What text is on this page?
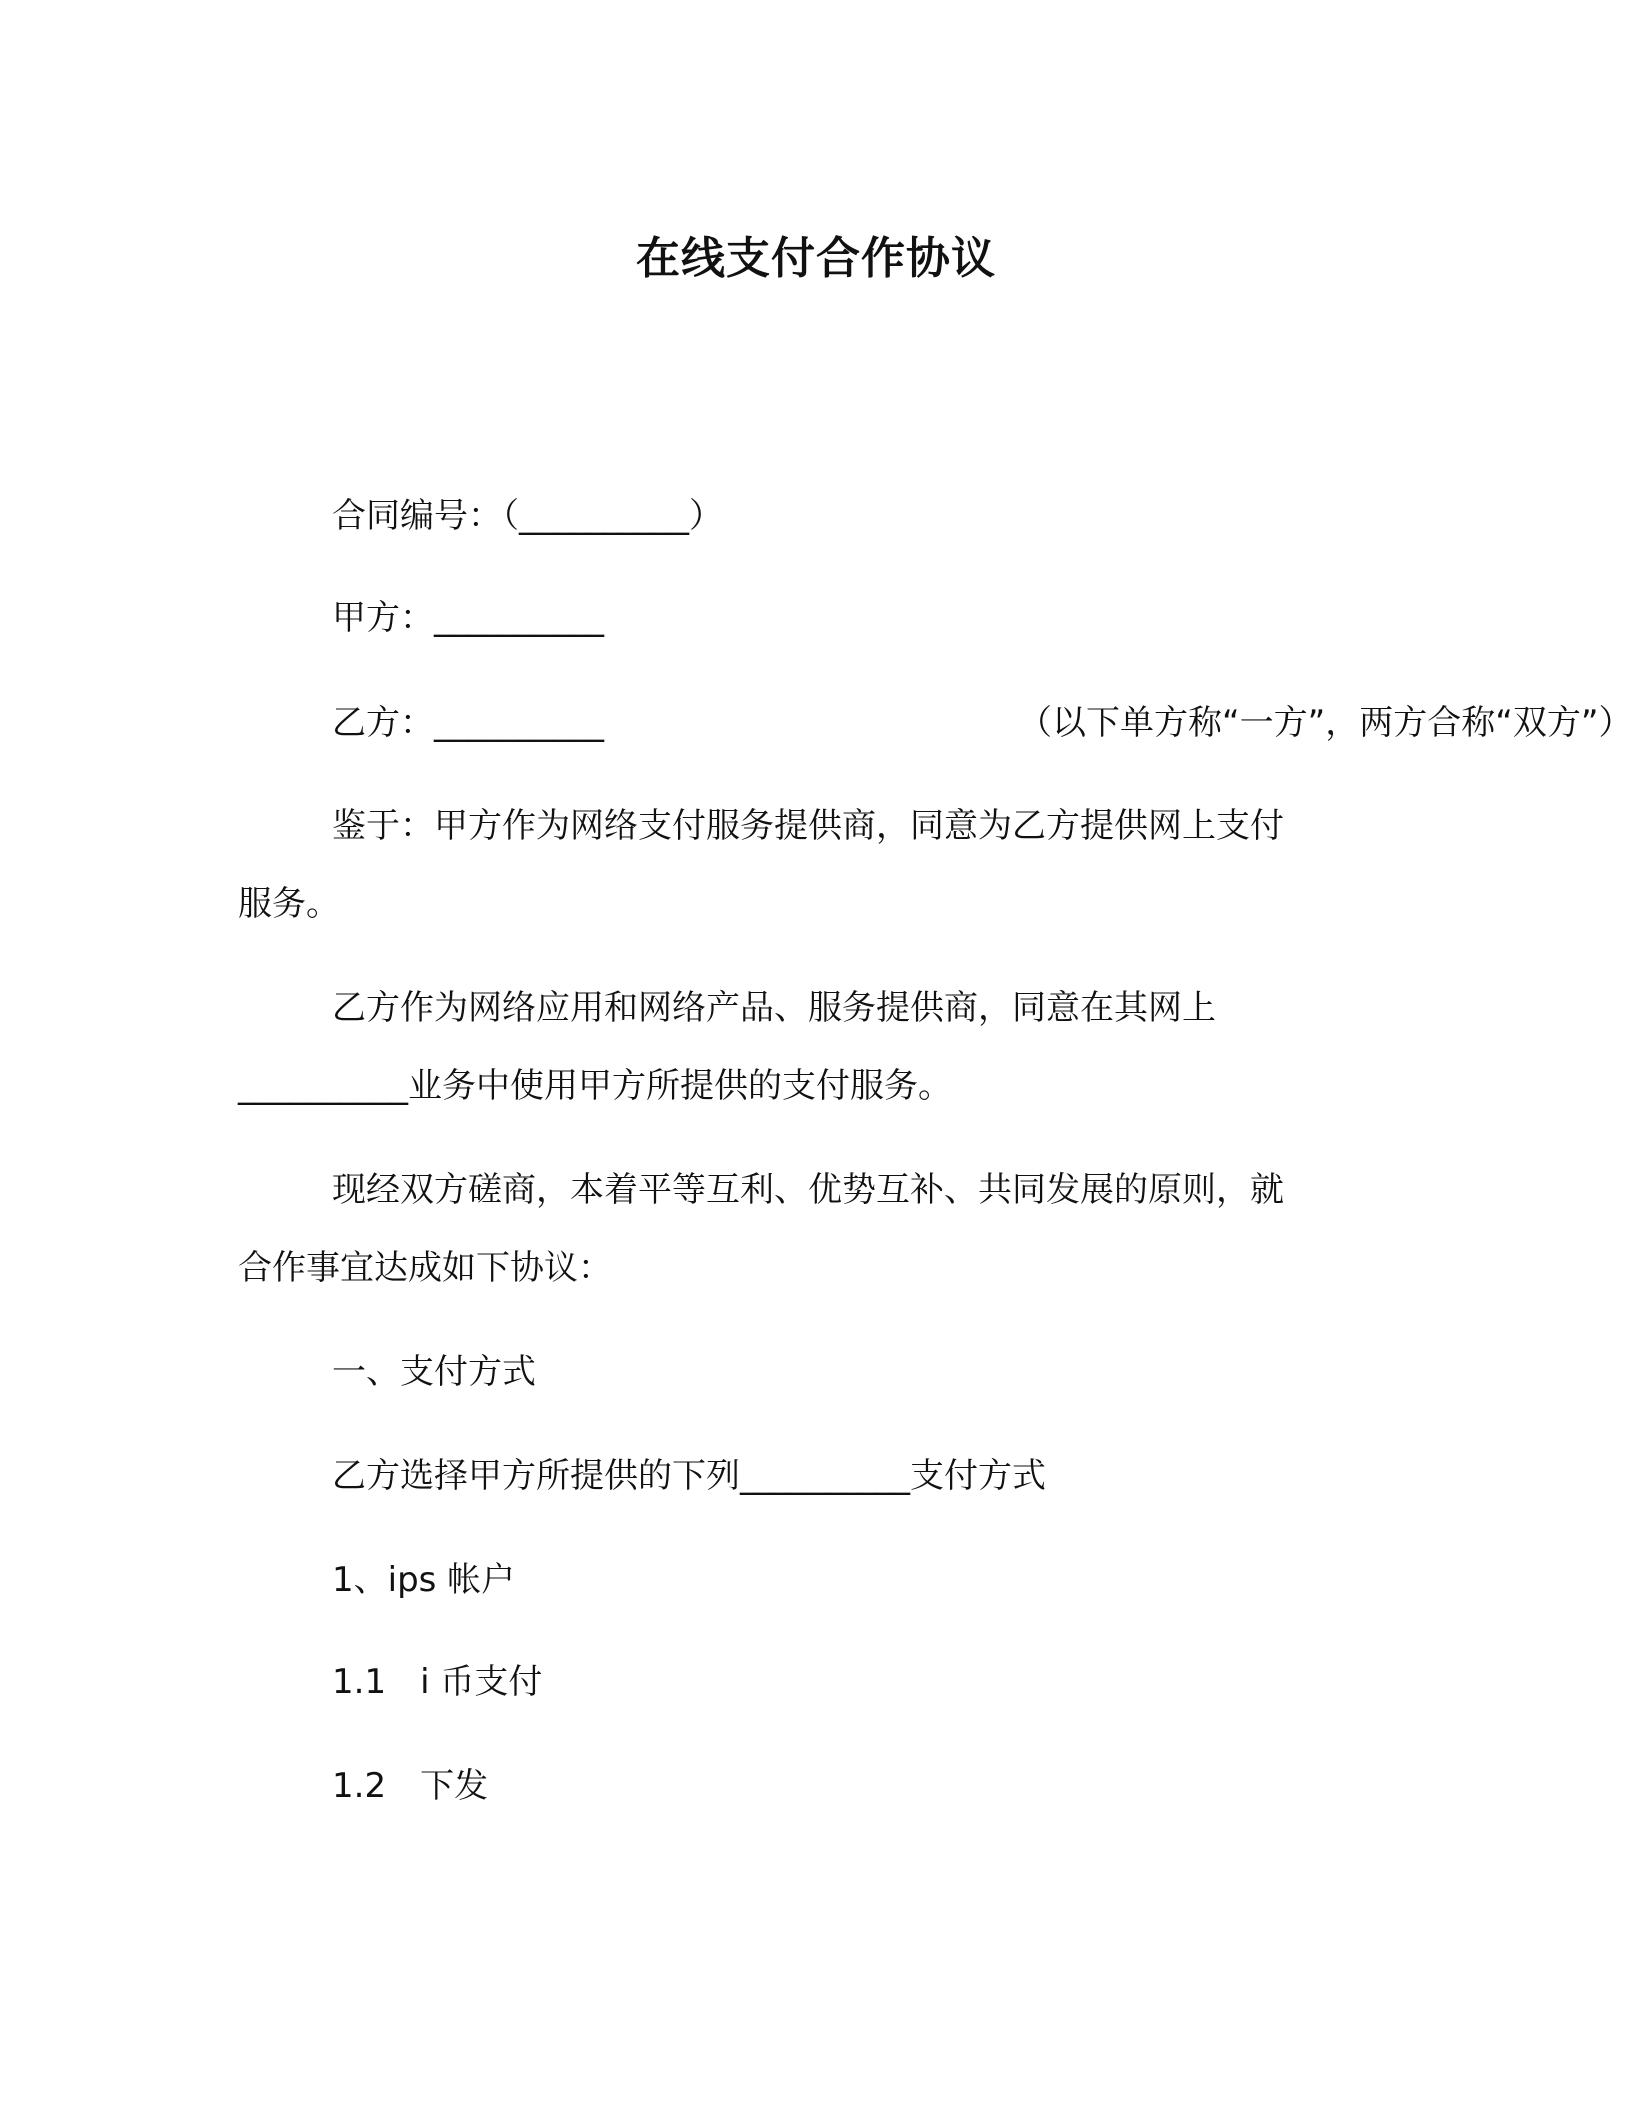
在线支付合作协议
合同编号：（__________）
甲方：__________
乙方：__________	（以下单方称“一方”，两方合称“双方”）
鉴于：甲方作为网络支付服务提供商，同意为乙方提供网上支付
服务。
乙方作为网络应用和网络产品、服务提供商，同意在其网上
__________业务中使用甲方所提供的支付服务。
现经双方磋商，本着平等互利、优势互补、共同发展的原则，就
合作事宜达成如下协议：
一、支付方式
乙方选择甲方所提供的下列__________支付方式
1、ips 帐户
1.1　i 币支付
1.2　下发
